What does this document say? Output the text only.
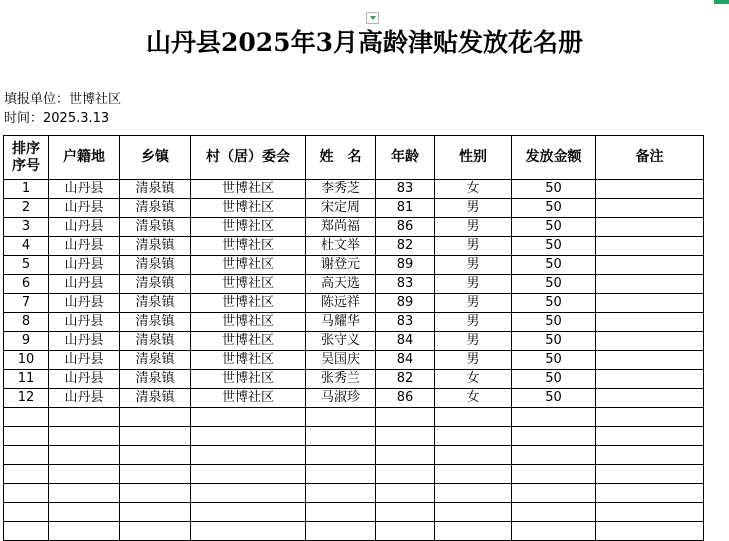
山丹县2025年3月高龄津贴发放花名册
填报单位：世博社区
时间：2025.3.13
排序
序号	户籍地	乡镇	村（居）委会	姓　名	年龄	性别	发放金额	备注
1	山丹县	清泉镇	世博社区	李秀芝	83	女	50	
2	山丹县	清泉镇	世博社区	宋定周	81	男	50	
3	山丹县	清泉镇	世博社区	郑尚福	86	男	50	
4	山丹县	清泉镇	世博社区	杜文举	82	男	50	
5	山丹县	清泉镇	世博社区	谢登元	89	男	50	
6	山丹县	清泉镇	世博社区	高天选	83	男	50	
7	山丹县	清泉镇	世博社区	陈远祥	89	男	50	
8	山丹县	清泉镇	世博社区	马耀华	83	男	50	
9	山丹县	清泉镇	世博社区	张守义	84	男	50	
10	山丹县	清泉镇	世博社区	吴国庆	84	男	50	
11	山丹县	清泉镇	世博社区	张秀兰	82	女	50	
12	山丹县	清泉镇	世博社区	马淑珍	86	女	50	
